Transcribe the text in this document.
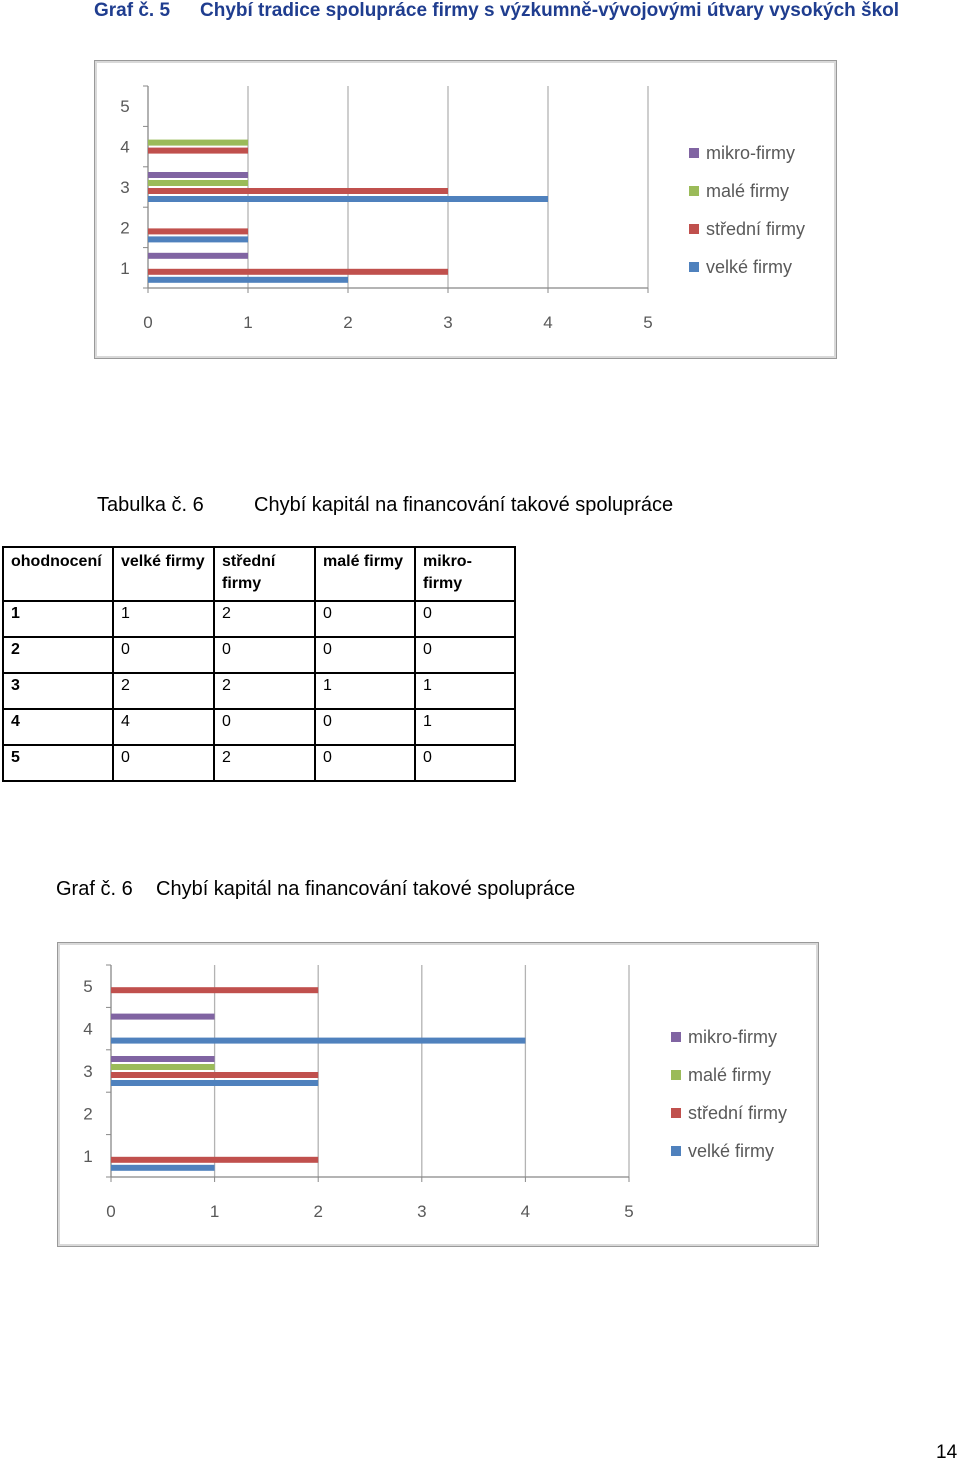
Graf č. 5 Chybí tradice spolupráce firmy s výzkumně-vývojovými útvary vysokých škol
0	1	2	3	4	5
1
2
3
4
5
mikro-firmy
malé firmy
střední firmy
velké firmy
Tabulka č. 6	Chybí kapitál na financování takové spolupráce
ohodnocení	velké firmy	střední firmy	malé firmy	mikro-firmy
1	1	2	0	0
2	0	0	0	0
3	2	2	1	1
4	4	0	0	1
5	0	2	0	0
Graf č. 6 Chybí kapitál na financování takové spolupráce
0	1	2	3	4	5
1
2
3
4
5
mikro-firmy
malé firmy
střední firmy
velké firmy
14
